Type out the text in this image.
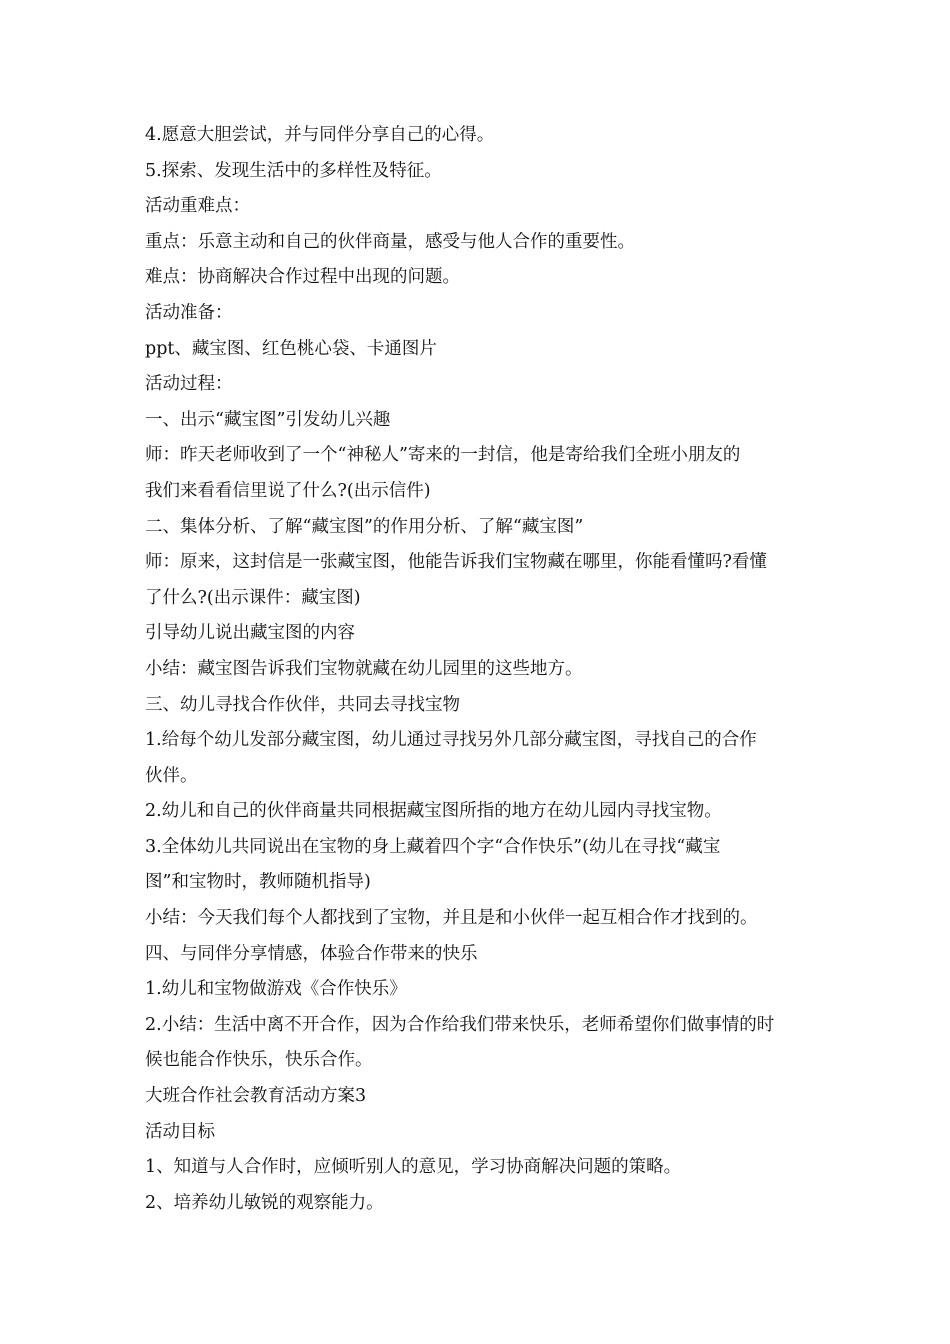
4.愿意大胆尝试，并与同伴分享自己的心得。
5.探索、发现生活中的多样性及特征。
活动重难点：
重点：乐意主动和自己的伙伴商量，感受与他人合作的重要性。
难点：协商解决合作过程中出现的问题。
活动准备：
ppt、藏宝图、红色桃心袋、卡通图片
活动过程：
一、出示“藏宝图”引发幼儿兴趣
师：昨天老师收到了一个“神秘人”寄来的一封信，他是寄给我们全班小朋友的
我们来看看信里说了什么?(出示信件)
二、集体分析、了解“藏宝图”的作用分析、了解“藏宝图”
师：原来，这封信是一张藏宝图，他能告诉我们宝物藏在哪里，你能看懂吗?看懂
了什么?(出示课件：藏宝图)
引导幼儿说出藏宝图的内容
小结：藏宝图告诉我们宝物就藏在幼儿园里的这些地方。
三、幼儿寻找合作伙伴，共同去寻找宝物
1.给每个幼儿发部分藏宝图，幼儿通过寻找另外几部分藏宝图，寻找自己的合作
伙伴。
2.幼儿和自己的伙伴商量共同根据藏宝图所指的地方在幼儿园内寻找宝物。
3.全体幼儿共同说出在宝物的身上藏着四个字“合作快乐”(幼儿在寻找“藏宝
图”和宝物时，教师随机指导)
小结：今天我们每个人都找到了宝物，并且是和小伙伴一起互相合作才找到的。
四、与同伴分享情感，体验合作带来的快乐
1.幼儿和宝物做游戏《合作快乐》
2.小结：生活中离不开合作，因为合作给我们带来快乐，老师希望你们做事情的时
候也能合作快乐，快乐合作。
大班合作社会教育活动方案3
活动目标
1、知道与人合作时，应倾听别人的意见，学习协商解决问题的策略。
2、培养幼儿敏锐的观察能力。
